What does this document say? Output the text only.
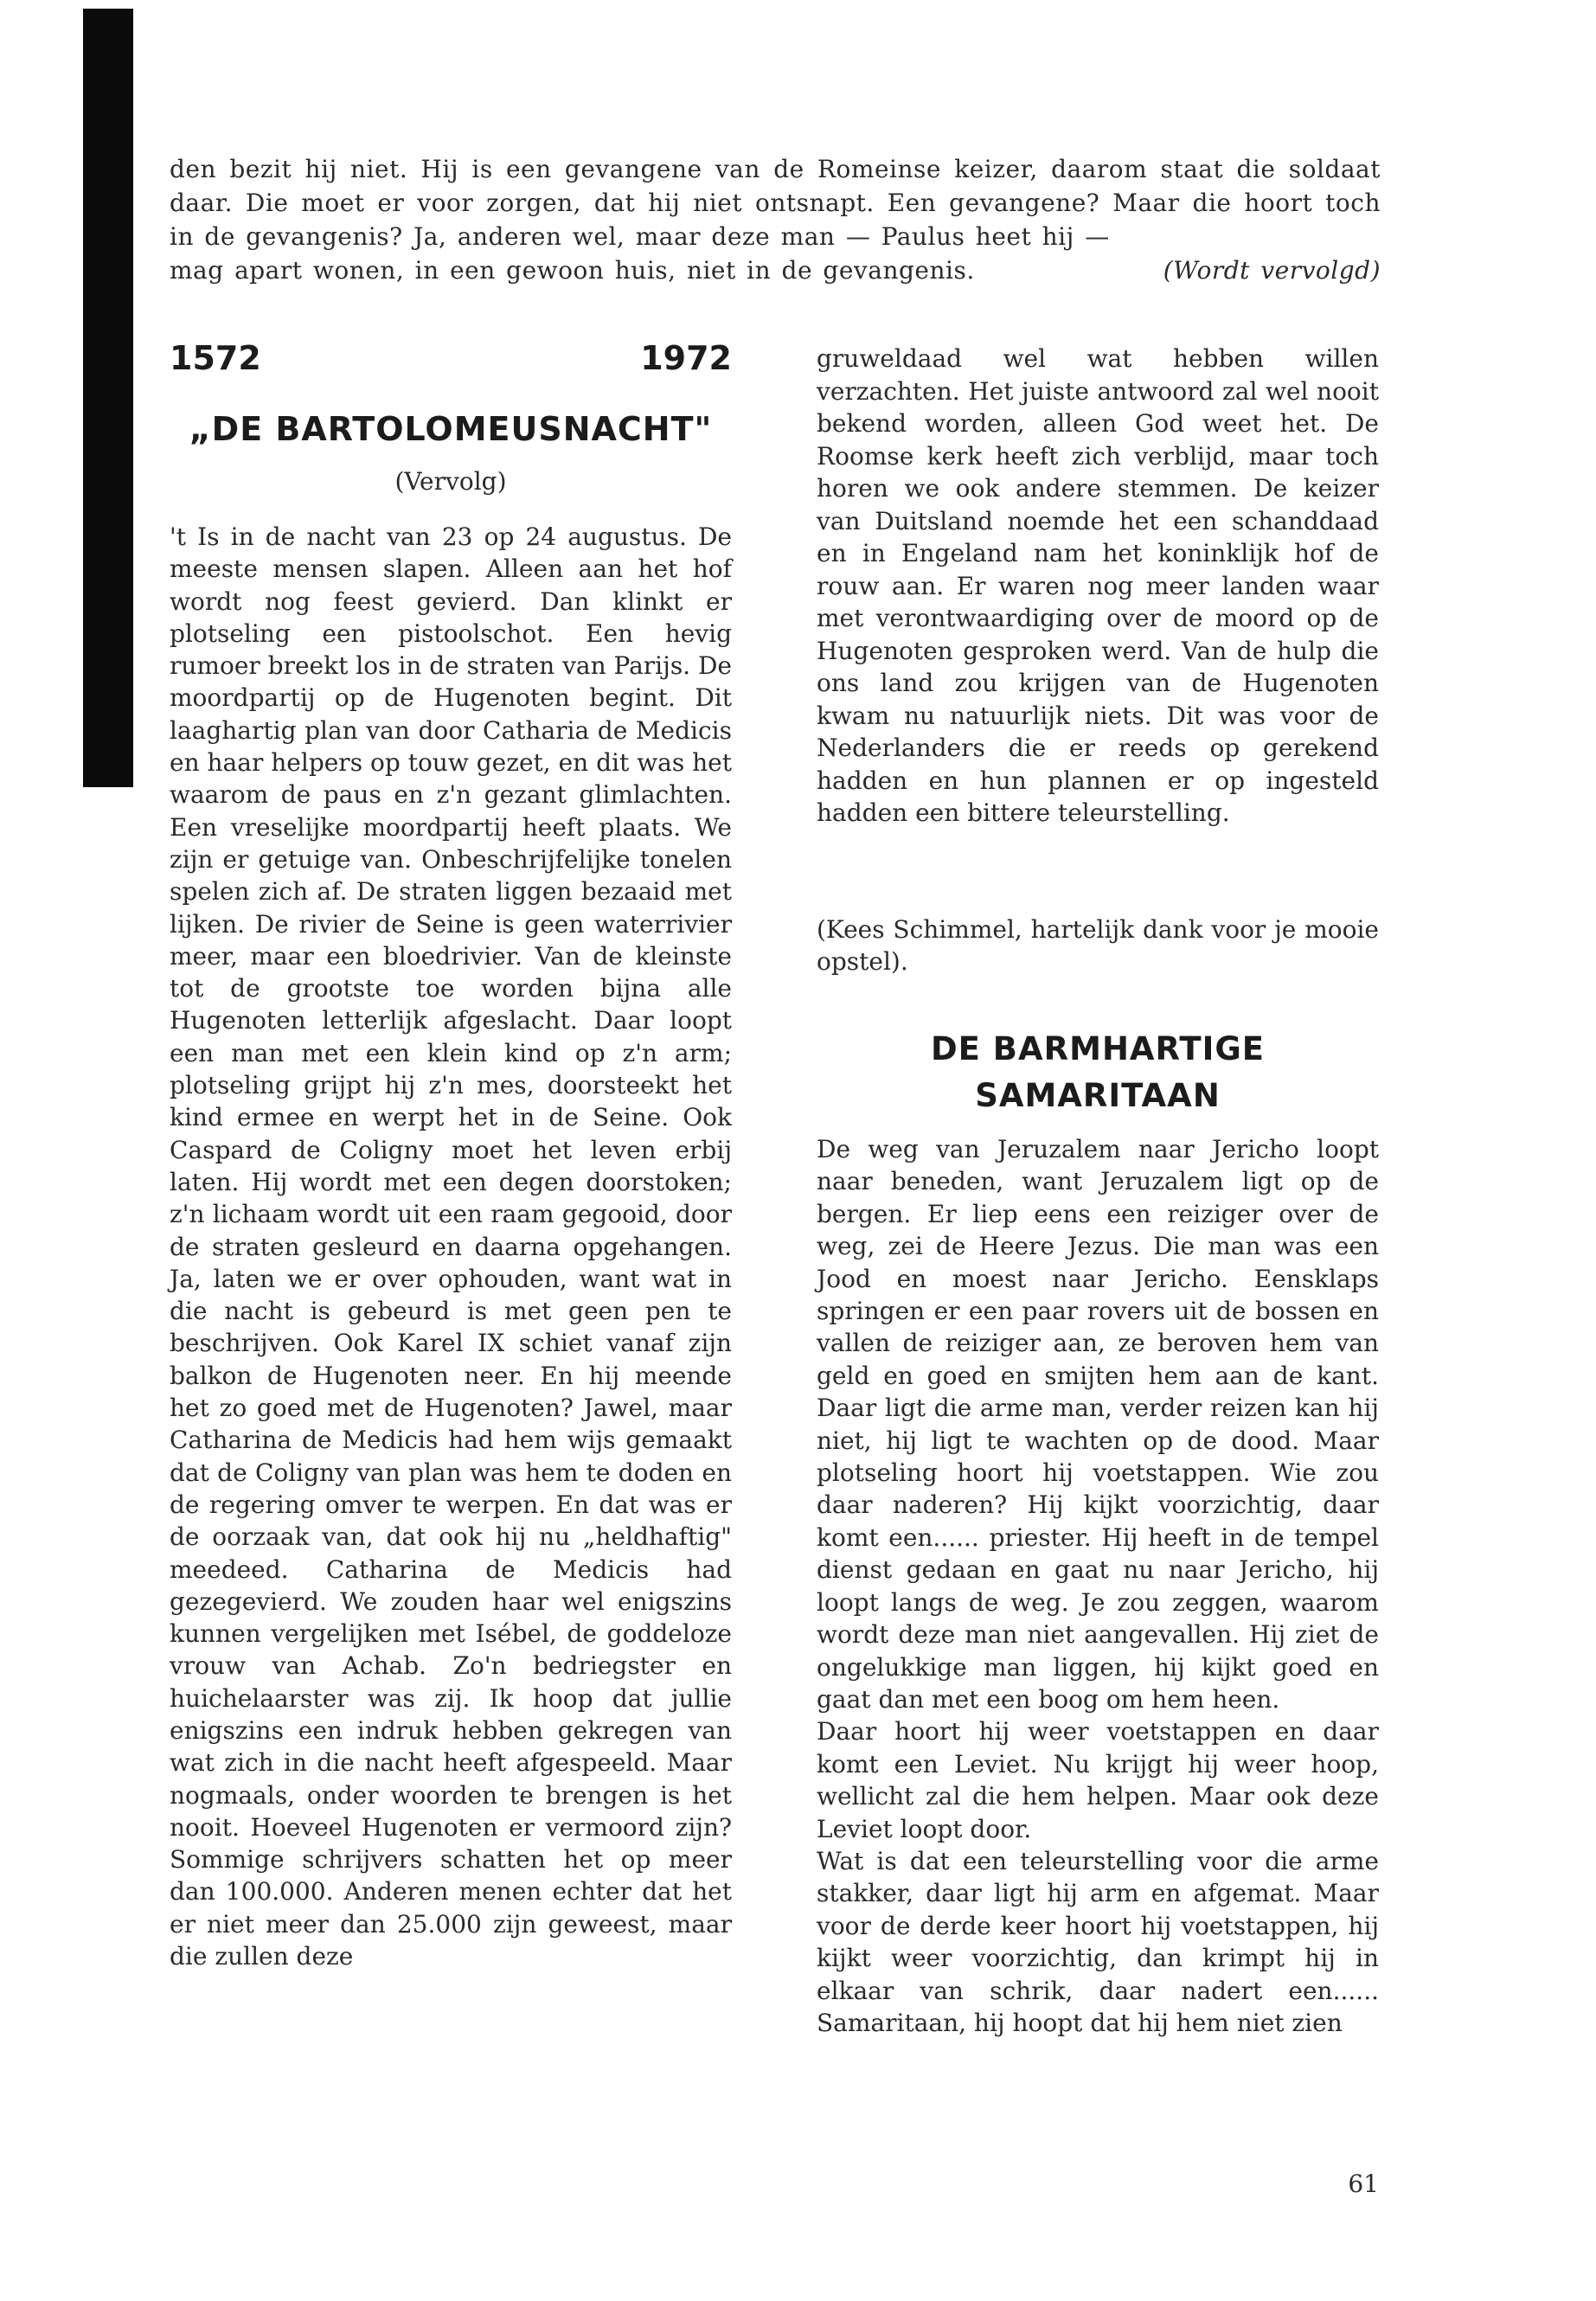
den bezit hij niet. Hij is een gevangene van de Romeinse keizer, daarom staat die soldaat daar. Die moet er voor zorgen, dat hij niet ontsnapt. Een gevangene? Maar die hoort toch in de gevangenis? Ja, anderen wel, maar deze man — Paulus heet hij —

mag apart wonen, in een gewoon huis, niet in de gevangenis.	(Wordt vervolgd)
1572	1972
„DE BARTOLOMEUSNACHT"
(Vervolg)

't Is in de nacht van 23 op 24 augustus. De meeste mensen slapen. Alleen aan het hof wordt nog feest gevierd. Dan klinkt er plotseling een pistoolschot. Een hevig rumoer breekt los in de straten van Parijs. De moordpartij op de Hugenoten begint. Dit laaghartig plan van door Catharia de Medicis en haar helpers op touw gezet, en dit was het waarom de paus en z'n gezant glimlachten. Een vreselijke moordpartij heeft plaats. We zijn er getuige van. Onbeschrijfelijke tonelen spelen zich af. De straten liggen bezaaid met lijken. De rivier de Seine is geen waterrivier meer, maar een bloedrivier. Van de kleinste tot de grootste toe worden bijna alle Hugenoten letterlijk afgeslacht. Daar loopt een man met een klein kind op z'n arm; plotseling grijpt hij z'n mes, doorsteekt het kind ermee en werpt het in de Seine. Ook Caspard de Coligny moet het leven erbij laten. Hij wordt met een degen doorstoken; z'n lichaam wordt uit een raam gegooid, door de straten gesleurd en daarna opgehangen. Ja, laten we er over ophouden, want wat in die nacht is gebeurd is met geen pen te beschrijven. Ook Karel IX schiet vanaf zijn balkon de Hugenoten neer. En hij meende het zo goed met de Hugenoten? Jawel, maar Catharina de Medicis had hem wijs gemaakt dat de Coligny van plan was hem te doden en de regering omver te werpen. En dat was er de oorzaak van, dat ook hij nu „heldhaftig" meedeed. Catharina de Medicis had gezegevierd. We zouden haar wel enigszins kunnen vergelijken met Isébel, de goddeloze vrouw van Achab. Zo'n bedriegster en huichelaarster was zij. Ik hoop dat jullie enigszins een indruk hebben gekregen van wat zich in die nacht heeft afgespeeld. Maar nogmaals, onder woorden te brengen is het nooit. Hoeveel Hugenoten er vermoord zijn? Sommige schrijvers schatten het op meer dan 100.000. Anderen menen echter dat het er niet meer dan 25.000 zijn geweest, maar die zullen deze

gruweldaad wel wat hebben willen verzachten. Het juiste antwoord zal wel nooit bekend worden, alleen God weet het. De Roomse kerk heeft zich verblijd, maar toch horen we ook andere stemmen. De keizer van Duitsland noemde het een schanddaad en in Engeland nam het koninklijk hof de rouw aan. Er waren nog meer landen waar met verontwaardiging over de moord op de Hugenoten gesproken werd. Van de hulp die ons land zou krijgen van de Hugenoten kwam nu natuurlijk niets. Dit was voor de Nederlanders die er reeds op gerekend hadden en hun plannen er op ingesteld hadden een bittere teleurstelling.

(Kees Schimmel, hartelijk dank voor je mooie opstel).

DE BARMHARTIGE
SAMARITAAN

De weg van Jeruzalem naar Jericho loopt naar beneden, want Jeruzalem ligt op de bergen. Er liep eens een reiziger over de weg, zei de Heere Jezus. Die man was een Jood en moest naar Jericho. Eensklaps springen er een paar rovers uit de bossen en vallen de reiziger aan, ze beroven hem van geld en goed en smijten hem aan de kant. Daar ligt die arme man, verder reizen kan hij niet, hij ligt te wachten op de dood. Maar plotseling hoort hij voetstappen. Wie zou daar naderen? Hij kijkt voorzichtig, daar komt een...... priester. Hij heeft in de tempel dienst gedaan en gaat nu naar Jericho, hij loopt langs de weg. Je zou zeggen, waarom wordt deze man niet aangevallen. Hij ziet de ongelukkige man liggen, hij kijkt goed en gaat dan met een boog om hem heen.

Daar hoort hij weer voetstappen en daar komt een Leviet. Nu krijgt hij weer hoop, wellicht zal die hem helpen. Maar ook deze Leviet loopt door.

Wat is dat een teleurstelling voor die arme stakker, daar ligt hij arm en afgemat. Maar voor de derde keer hoort hij voetstappen, hij kijkt weer voorzichtig, dan krimpt hij in elkaar van schrik, daar nadert een...... Samaritaan, hij hoopt dat hij hem niet zien

61
